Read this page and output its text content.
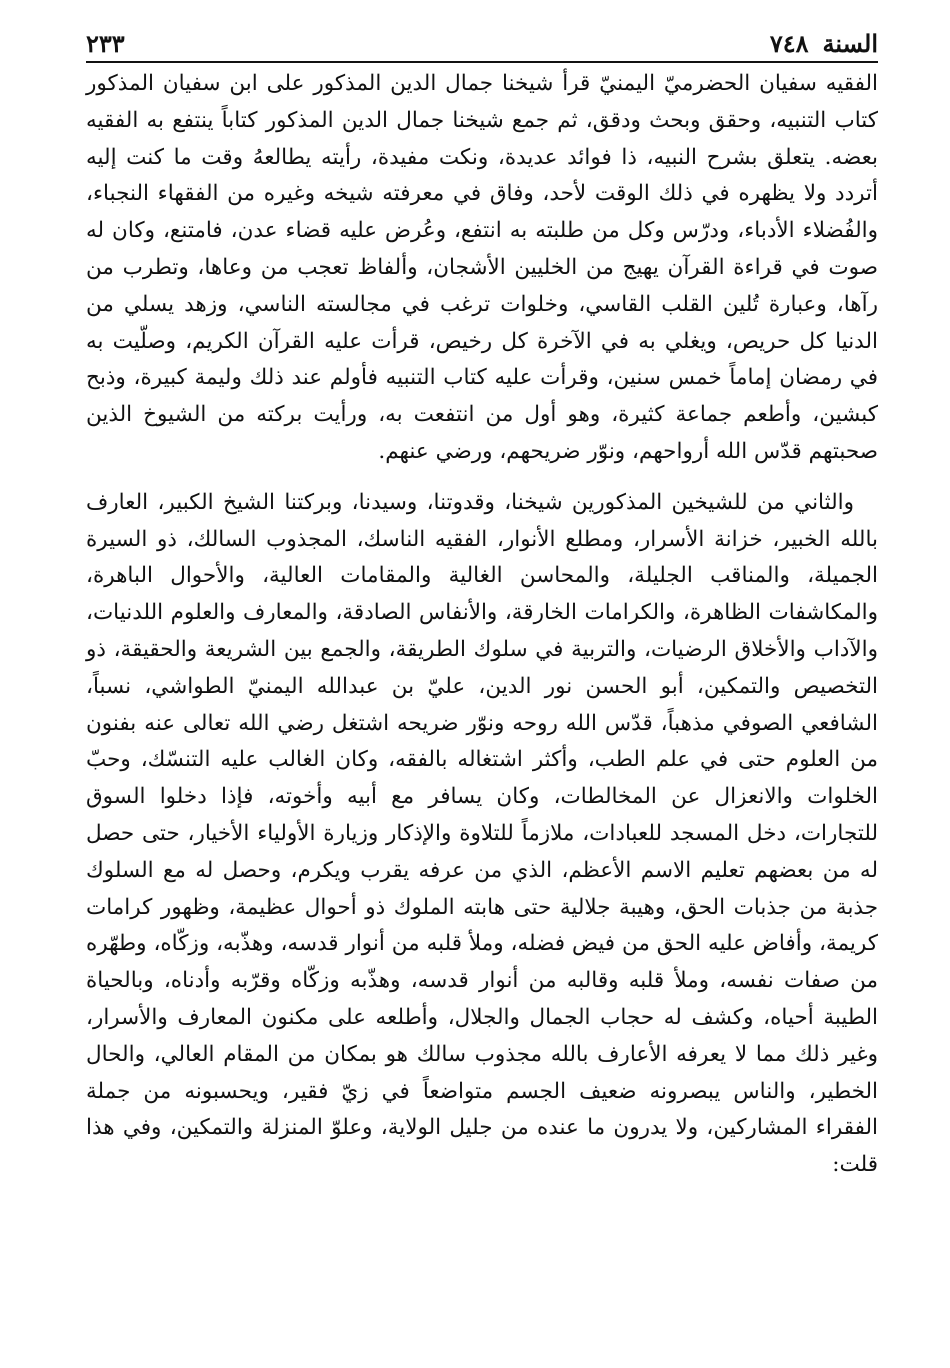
السنة
٧٤٨
٢٣٣

الفقيه سفيان الحضرميّ اليمنيّ قرأ شيخنا جمال الدين المذكور على ابن سفيان المذكور كتاب التنبيه، وحقق وبحث ودقق، ثم جمع شيخنا جمال الدين المذكور كتاباً ينتفع به الفقيه بعضه. يتعلق بشرح النبيه، ذا فوائد عديدة، ونكت مفيدة، رأيته يطالعهُ وقت ما كنت إليه أتردد ولا يظهره في ذلك الوقت لأحد، وفاق في معرفته شيخه وغيره من الفقهاء النجباء، والفُضلاء الأدباء، ودرّس وكل من طلبته به انتفع، وعُرض عليه قضاء عدن، فامتنع، وكان له صوت في قراءة القرآن يهيج من الخليين الأشجان، وألفاظ تعجب من وعاها، وتطرب من رآها، وعبارة تُلين القلب القاسي، وخلوات ترغب في مجالسته الناسي، وزهد يسلي من الدنيا كل حريص، ويغلي به في الآخرة كل رخيص، قرأت عليه القرآن الكريم، وصلّيت به في رمضان إماماً خمس سنين، وقرأت عليه كتاب التنبيه فأولم عند ذلك وليمة كبيرة، وذبح كبشين، وأطعم جماعة كثيرة، وهو أول من انتفعت به، ورأيت بركته من الشيوخ الذين صحبتهم قدّس الله أرواحهم، ونوّر ضريحهم، ورضي عنهم.

والثاني من للشيخين المذكورين شيخنا، وقدوتنا، وسيدنا، وبركتنا الشيخ الكبير، العارف بالله الخبير، خزانة الأسرار، ومطلع الأنوار، الفقيه الناسك، المجذوب السالك، ذو السيرة الجميلة، والمناقب الجليلة، والمحاسن الغالية والمقامات العالية، والأحوال الباهرة، والمكاشفات الظاهرة، والكرامات الخارقة، والأنفاس الصادقة، والمعارف والعلوم اللدنيات، والآداب والأخلاق الرضيات، والتربية في سلوك الطريقة، والجمع بين الشريعة والحقيقة، ذو التخصيص والتمكين، أبو الحسن نور الدين، عليّ بن عبدالله اليمنيّ الطواشي، نسباً، الشافعي الصوفي مذهباً، قدّس الله روحه ونوّر ضريحه اشتغل رضي الله تعالى عنه بفنون من العلوم حتى في علم الطب، وأكثر اشتغاله بالفقه، وكان الغالب عليه التنسّك، وحبّ الخلوات والانعزال عن المخالطات، وكان يسافر مع أبيه وأخوته، فإذا دخلوا السوق للتجارات، دخل المسجد للعبادات، ملازماً للتلاوة والإذكار وزيارة الأولياء الأخيار، حتى حصل له من بعضهم تعليم الاسم الأعظم، الذي من عرفه يقرب ويكرم، وحصل له مع السلوك جذبة من جذبات الحق، وهيبة جلالية حتى هابته الملوك ذو أحوال عظيمة، وظهور كرامات كريمة، وأفاض عليه الحق من فيض فضله، وملأ قلبه من أنوار قدسه، وهذّبه، وزكّاه، وطهّره من صفات نفسه، وملأ قلبه وقالبه من أنوار قدسه، وهذّبه وزكّاه وقرّبه وأدناه، وبالحياة الطيبة أحياه، وكشف له حجاب الجمال والجلال، وأطلعه على مكنون المعارف والأسرار، وغير ذلك مما لا يعرفه الأعارف بالله مجذوب سالك هو بمكان من المقام العالي، والحال الخطير، والناس يبصرونه ضعيف الجسم متواضعاً في زيّ فقير، ويحسبونه من جملة الفقراء المشاركين، ولا يدرون ما عنده من جليل الولاية، وعلوّ المنزلة والتمكين، وفي هذا قلت:
